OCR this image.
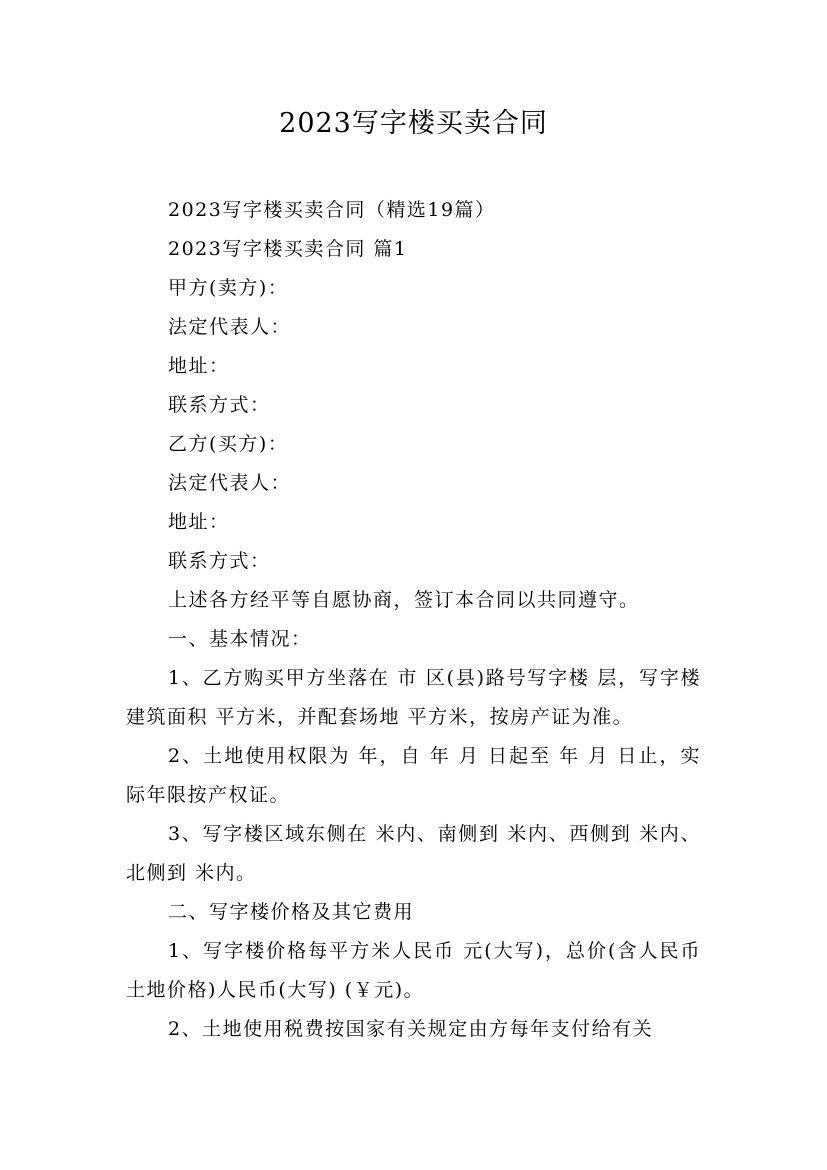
2023写字楼买卖合同

2023写字楼买卖合同（精选19篇）

2023写字楼买卖合同 篇1

甲方(卖方)：

法定代表人：

地址：

联系方式：

乙方(买方)：

法定代表人：

地址：

联系方式：

上述各方经平等自愿协商，签订本合同以共同遵守。

一、基本情况：

1、乙方购买甲方坐落在 市 区(县)路号写字楼 层，写字楼建筑面积 平方米，并配套场地 平方米，按房产证为准。

2、土地使用权限为 年，自 年 月 日起至 年 月 日止，实际年限按产权证。

3、写字楼区域东侧在 米内、南侧到 米内、西侧到 米内、北侧到 米内。

二、写字楼价格及其它费用

1、写字楼价格每平方米人民币 元(大写)，总价(含人民币土地价格)人民币(大写) (￥元)。

2、土地使用税费按国家有关规定由方每年支付给有关
